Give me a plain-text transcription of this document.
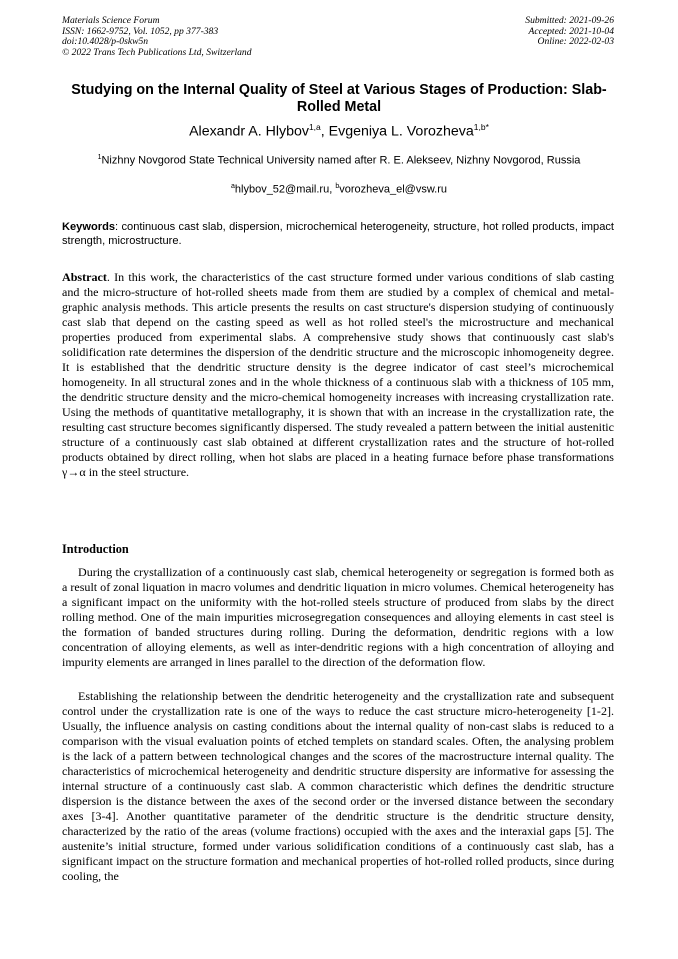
Materials Science Forum
ISSN: 1662-9752, Vol. 1052, pp 377-383
doi:10.4028/p-0skw5n
© 2022 Trans Tech Publications Ltd, Switzerland
Submitted: 2021-09-26
Accepted: 2021-10-04
Online: 2022-02-03
Studying on the Internal Quality of Steel at Various Stages of Production: Slab-Rolled Metal
Alexandr A. Hlybov$^{1,a}$, Evgeniya L. Vorozheva$^{1,b*}$
$^1$Nizhny Novgorod State Technical University named after R. E. Alekseev, Nizhny Novgorod, Russia
$^a$hlybov_52@mail.ru, $^b$vorozheva_el@vsw.ru
Keywords: continuous cast slab, dispersion, microchemical heterogeneity, structure, hot rolled products, impact strength, microstructure.
Abstract. In this work, the characteristics of the cast structure formed under various conditions of slab casting and the micro-structure of hot-rolled sheets made from them are studied by a complex of chemical and metal-graphic analysis methods. This article presents the results on cast structure's dispersion studying of continuously cast slab that depend on the casting speed as well as hot rolled steel's the microstructure and mechanical properties produced from experimental slabs. A comprehensive study shows that continuously cast slab's solidification rate determines the dispersion of the dendritic structure and the microscopic inhomogeneity degree. It is established that the dendritic structure density is the degree indicator of cast steel’s microchemical homogeneity. In all structural zones and in the whole thickness of a continuous slab with a thickness of 105 mm, the dendritic structure density and the micro-chemical homogeneity increases with increasing crystallization rate. Using the methods of quantitative metallography, it is shown that with an increase in the crystallization rate, the resulting cast structure becomes significantly dispersed. The study revealed a pattern between the initial austenitic structure of a continuously cast slab obtained at different crystallization rates and the structure of hot-rolled products obtained by direct rolling, when hot slabs are placed in a heating furnace before phase transformations γ→α in the steel structure.
Introduction
During the crystallization of a continuously cast slab, chemical heterogeneity or segregation is formed both as a result of zonal liquation in macro volumes and dendritic liquation in micro volumes. Chemical heterogeneity has a significant impact on the uniformity with the hot-rolled steels structure of produced from slabs by the direct rolling method. One of the main impurities microsegregation consequences and alloying elements in cast steel is the formation of banded structures during rolling. During the deformation, dendritic regions with a low concentration of alloying elements, as well as inter-dendritic regions with a high concentration of alloying and impurity elements are arranged in lines parallel to the direction of the deformation flow.
Establishing the relationship between the dendritic heterogeneity and the crystallization rate and subsequent control under the crystallization rate is one of the ways to reduce the cast structure micro-heterogeneity [1-2]. Usually, the influence analysis on casting conditions about the internal quality of non-cast slabs is reduced to a comparison with the visual evaluation points of etched templets on standard scales. Often, the analysing problem is the lack of a pattern between technological changes and the scores of the macrostructure internal quality. The characteristics of microchemical heterogeneity and dendritic structure dispersity are informative for assessing the internal structure of a continuously cast slab. A common characteristic which defines the dendritic structure dispersion is the distance between the axes of the second order or the inversed distance between the secondary axes [3-4]. Another quantitative parameter of the dendritic structure is the dendritic structure density, characterized by the ratio of the areas (volume fractions) occupied with the axes and the interaxial gaps [5]. The austenite’s initial structure, formed under various solidification conditions of a continuously cast slab, has a significant impact on the structure formation and mechanical properties of hot-rolled rolled products, since during cooling, the
